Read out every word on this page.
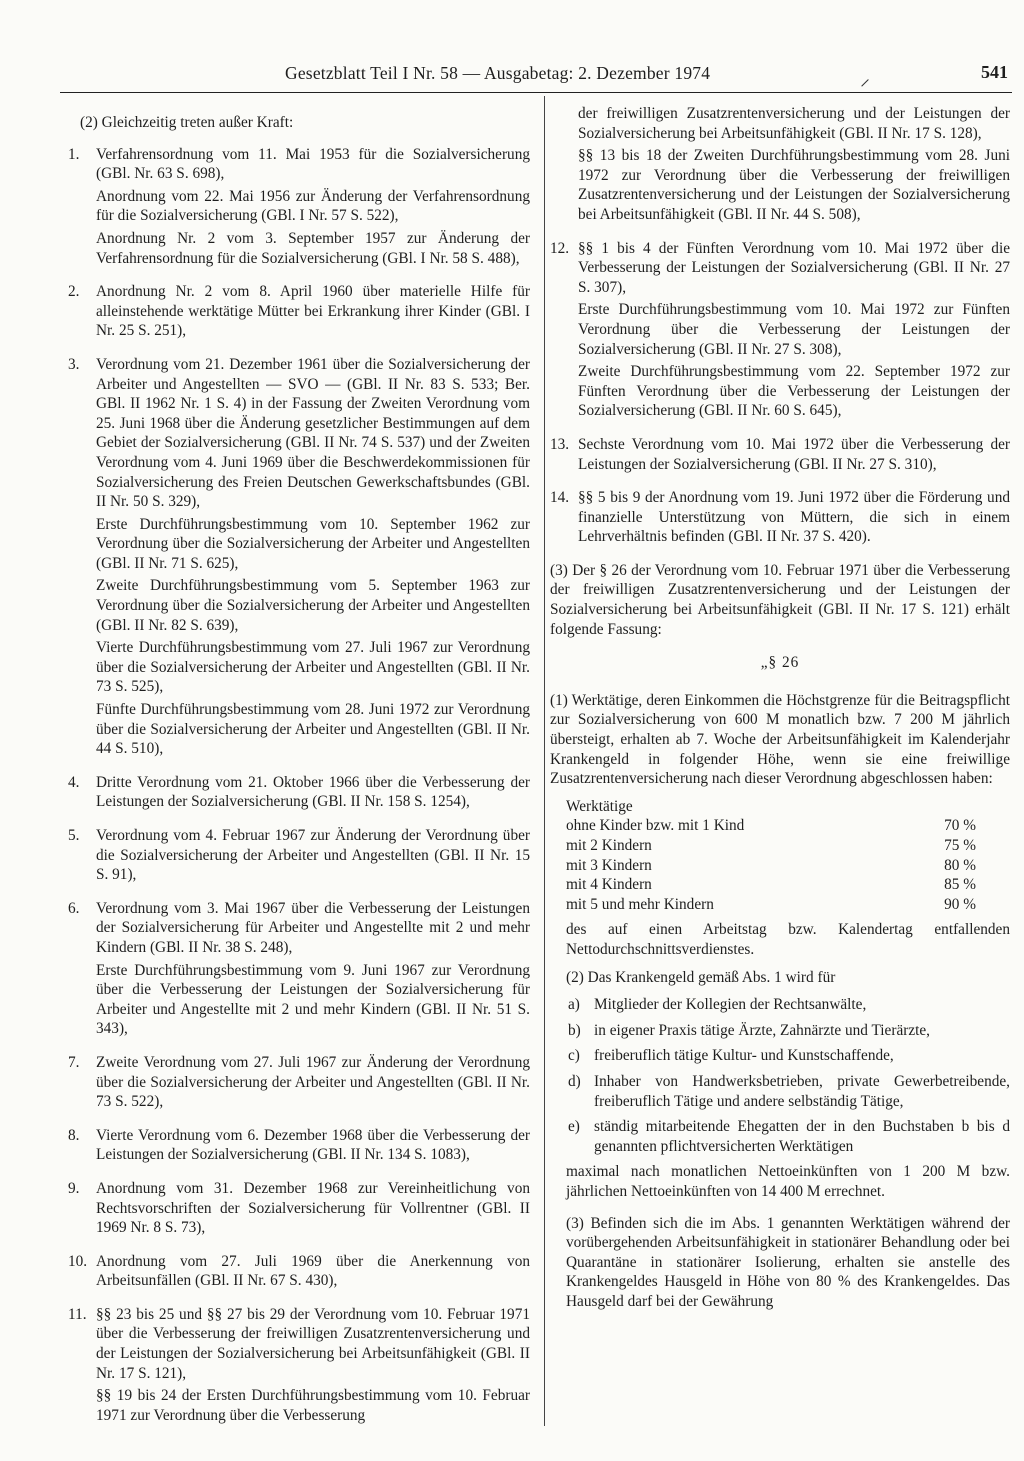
Gesetzblatt Teil I Nr. 58 — Ausgabetag: 2. Dezember 1974	⸝	541

(2) Gleichzeitig treten außer Kraft:

1. Verfahrensordnung vom 11. Mai 1953 für die Sozialversicherung (GBl. Nr. 63 S. 698),

Anordnung vom 22. Mai 1956 zur Änderung der Verfahrensordnung für die Sozialversicherung (GBl. I Nr. 57 S. 522),

Anordnung Nr. 2 vom 3. September 1957 zur Änderung der Verfahrensordnung für die Sozialversicherung (GBl. I Nr. 58 S. 488),

2. Anordnung Nr. 2 vom 8. April 1960 über materielle Hilfe für alleinstehende werktätige Mütter bei Erkrankung ihrer Kinder (GBl. I Nr. 25 S. 251),

3. Verordnung vom 21. Dezember 1961 über die Sozialversicherung der Arbeiter und Angestellten — SVO — (GBl. II Nr. 83 S. 533; Ber. GBl. II 1962 Nr. 1 S. 4) in der Fassung der Zweiten Verordnung vom 25. Juni 1968 über die Änderung gesetzlicher Bestimmungen auf dem Gebiet der Sozialversicherung (GBl. II Nr. 74 S. 537) und der Zweiten Verordnung vom 4. Juni 1969 über die Beschwerdekommissionen für Sozialversicherung des Freien Deutschen Gewerkschaftsbundes (GBl. II Nr. 50 S. 329),

Erste Durchführungsbestimmung vom 10. September 1962 zur Verordnung über die Sozialversicherung der Arbeiter und Angestellten (GBl. II Nr. 71 S. 625),

Zweite Durchführungsbestimmung vom 5. September 1963 zur Verordnung über die Sozialversicherung der Arbeiter und Angestellten (GBl. II Nr. 82 S. 639),

Vierte Durchführungsbestimmung vom 27. Juli 1967 zur Verordnung über die Sozialversicherung der Arbeiter und Angestellten (GBl. II Nr. 73 S. 525),

Fünfte Durchführungsbestimmung vom 28. Juni 1972 zur Verordnung über die Sozialversicherung der Arbeiter und Angestellten (GBl. II Nr. 44 S. 510),

4. Dritte Verordnung vom 21. Oktober 1966 über die Verbesserung der Leistungen der Sozialversicherung (GBl. II Nr. 158 S. 1254),

5. Verordnung vom 4. Februar 1967 zur Änderung der Verordnung über die Sozialversicherung der Arbeiter und Angestellten (GBl. II Nr. 15 S. 91),

6. Verordnung vom 3. Mai 1967 über die Verbesserung der Leistungen der Sozialversicherung für Arbeiter und Angestellte mit 2 und mehr Kindern (GBl. II Nr. 38 S. 248),

Erste Durchführungsbestimmung vom 9. Juni 1967 zur Verordnung über die Verbesserung der Leistungen der Sozialversicherung für Arbeiter und Angestellte mit 2 und mehr Kindern (GBl. II Nr. 51 S. 343),

7. Zweite Verordnung vom 27. Juli 1967 zur Änderung der Verordnung über die Sozialversicherung der Arbeiter und Angestellten (GBl. II Nr. 73 S. 522),

8. Vierte Verordnung vom 6. Dezember 1968 über die Verbesserung der Leistungen der Sozialversicherung (GBl. II Nr. 134 S. 1083),

9. Anordnung vom 31. Dezember 1968 zur Vereinheitlichung von Rechtsvorschriften der Sozialversicherung für Vollrentner (GBl. II 1969 Nr. 8 S. 73),

10. Anordnung vom 27. Juli 1969 über die Anerkennung von Arbeitsunfällen (GBl. II Nr. 67 S. 430),

11. §§ 23 bis 25 und §§ 27 bis 29 der Verordnung vom 10. Februar 1971 über die Verbesserung der freiwilligen Zusatzrentenversicherung und der Leistungen der Sozialversicherung bei Arbeitsunfähigkeit (GBl. II Nr. 17 S. 121),

§§ 19 bis 24 der Ersten Durchführungsbestimmung vom 10. Februar 1971 zur Verordnung über die Verbesserung

der freiwilligen Zusatzrentenversicherung und der Leistungen der Sozialversicherung bei Arbeitsunfähigkeit (GBl. II Nr. 17 S. 128),

§§ 13 bis 18 der Zweiten Durchführungsbestimmung vom 28. Juni 1972 zur Verordnung über die Verbesserung der freiwilligen Zusatzrentenversicherung und der Leistungen der Sozialversicherung bei Arbeitsunfähigkeit (GBl. II Nr. 44 S. 508),

12. §§ 1 bis 4 der Fünften Verordnung vom 10. Mai 1972 über die Verbesserung der Leistungen der Sozialversicherung (GBl. II Nr. 27 S. 307),

Erste Durchführungsbestimmung vom 10. Mai 1972 zur Fünften Verordnung über die Verbesserung der Leistungen der Sozialversicherung (GBl. II Nr. 27 S. 308),

Zweite Durchführungsbestimmung vom 22. September 1972 zur Fünften Verordnung über die Verbesserung der Leistungen der Sozialversicherung (GBl. II Nr. 60 S. 645),

13. Sechste Verordnung vom 10. Mai 1972 über die Verbesserung der Leistungen der Sozialversicherung (GBl. II Nr. 27 S. 310),

14. §§ 5 bis 9 der Anordnung vom 19. Juni 1972 über die Förderung und finanzielle Unterstützung von Müttern, die sich in einem Lehrverhältnis befinden (GBl. II Nr. 37 S. 420).

(3) Der § 26 der Verordnung vom 10. Februar 1971 über die Verbesserung der freiwilligen Zusatzrentenversicherung und der Leistungen der Sozialversicherung bei Arbeitsunfähigkeit (GBl. II Nr. 17 S. 121) erhält folgende Fassung:

„§ 26

(1) Werktätige, deren Einkommen die Höchstgrenze für die Beitragspflicht zur Sozialversicherung von 600 M monatlich bzw. 7 200 M jährlich übersteigt, erhalten ab 7. Woche der Arbeitsunfähigkeit im Kalenderjahr Krankengeld in folgender Höhe, wenn sie eine freiwillige Zusatzrentenversicherung nach dieser Verordnung abgeschlossen haben:

Werktätige
ohne Kinder bzw. mit 1 Kind	70 %
mit 2 Kindern	75 %
mit 3 Kindern	80 %
mit 4 Kindern	85 %
mit 5 und mehr Kindern	90 %

des auf einen Arbeitstag bzw. Kalendertag entfallenden Nettodurchschnittsverdienstes.

(2) Das Krankengeld gemäß Abs. 1 wird für

a) Mitglieder der Kollegien der Rechtsanwälte,
b) in eigener Praxis tätige Ärzte, Zahnärzte und Tierärzte,
c) freiberuflich tätige Kultur- und Kunstschaffende,
d) Inhaber von Handwerksbetrieben, private Gewerbetreibende, freiberuflich Tätige und andere selbständig Tätige,
e) ständig mitarbeitende Ehegatten der in den Buchstaben b bis d genannten pflichtversicherten Werktätigen

maximal nach monatlichen Nettoeinkünften von 1 200 M bzw. jährlichen Nettoeinkünften von 14 400 M errechnet.

(3) Befinden sich die im Abs. 1 genannten Werktätigen während der vorübergehenden Arbeitsunfähigkeit in stationärer Behandlung oder bei Quarantäne in stationärer Isolierung, erhalten sie anstelle des Krankengeldes Hausgeld in Höhe von 80 % des Krankengeldes. Das Hausgeld darf bei der Gewährung
